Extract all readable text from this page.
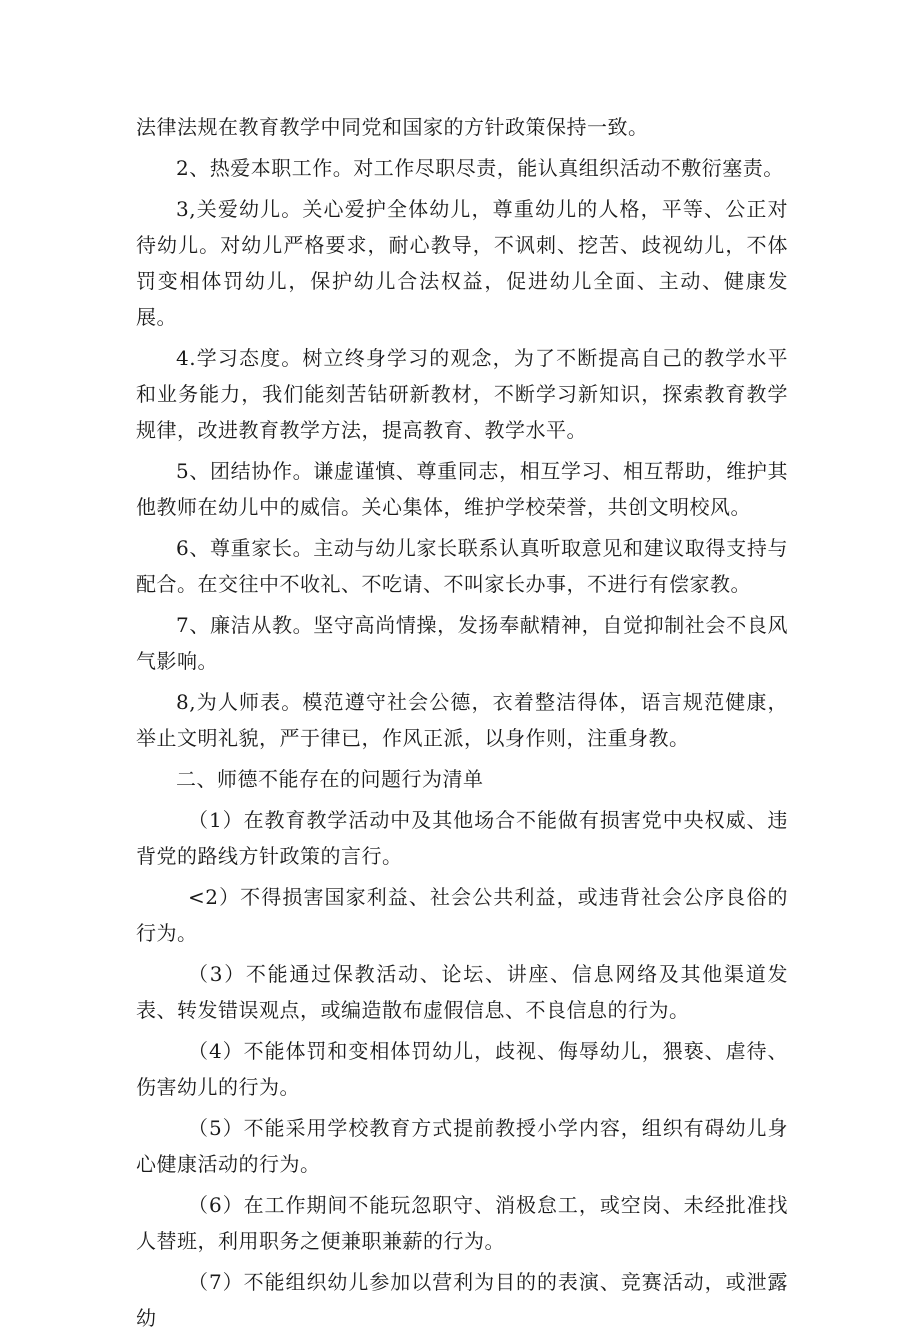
法律法规在教育教学中同党和国家的方针政策保持一致。

2、热爱本职工作。对工作尽职尽责，能认真组织活动不敷衍塞责。

3,关爱幼儿。关心爱护全体幼儿，尊重幼儿的人格，平等、公正对待幼儿。对幼儿严格要求，耐心教导，不讽刺、挖苦、歧视幼儿，不体罚变相体罚幼儿，保护幼儿合法权益，促进幼儿全面、主动、健康发展。

4.学习态度。树立终身学习的观念，为了不断提高自己的教学水平和业务能力，我们能刻苦钻研新教材，不断学习新知识，探索教育教学规律，改进教育教学方法，提高教育、教学水平。

5、团结协作。谦虚谨慎、尊重同志，相互学习、相互帮助，维护其他教师在幼儿中的威信。关心集体，维护学校荣誉，共创文明校风。

6、尊重家长。主动与幼儿家长联系认真听取意见和建议取得支持与配合。在交往中不收礼、不吃请、不叫家长办事，不进行有偿家教。

7、廉洁从教。坚守高尚情操，发扬奉献精神，自觉抑制社会不良风气影响。

8,为人师表。模范遵守社会公德，衣着整洁得体，语言规范健康，举止文明礼貌，严于律已，作风正派，以身作则，注重身教。

二、师德不能存在的问题行为清单

（1）在教育教学活动中及其他场合不能做有损害党中央权威、违背党的路线方针政策的言行。

<2）不得损害国家利益、社会公共利益，或违背社会公序良俗的行为。

（3）不能通过保教活动、论坛、讲座、信息网络及其他渠道发表、转发错误观点，或编造散布虚假信息、不良信息的行为。

（4）不能体罚和变相体罚幼儿，歧视、侮辱幼儿，猥亵、虐待、伤害幼儿的行为。

（5）不能采用学校教育方式提前教授小学内容，组织有碍幼儿身心健康活动的行为。

（6）在工作期间不能玩忽职守、消极怠工，或空岗、未经批准找人替班，利用职务之便兼职兼薪的行为。

（7）不能组织幼儿参加以营利为目的的表演、竞赛活动，或泄露幼
